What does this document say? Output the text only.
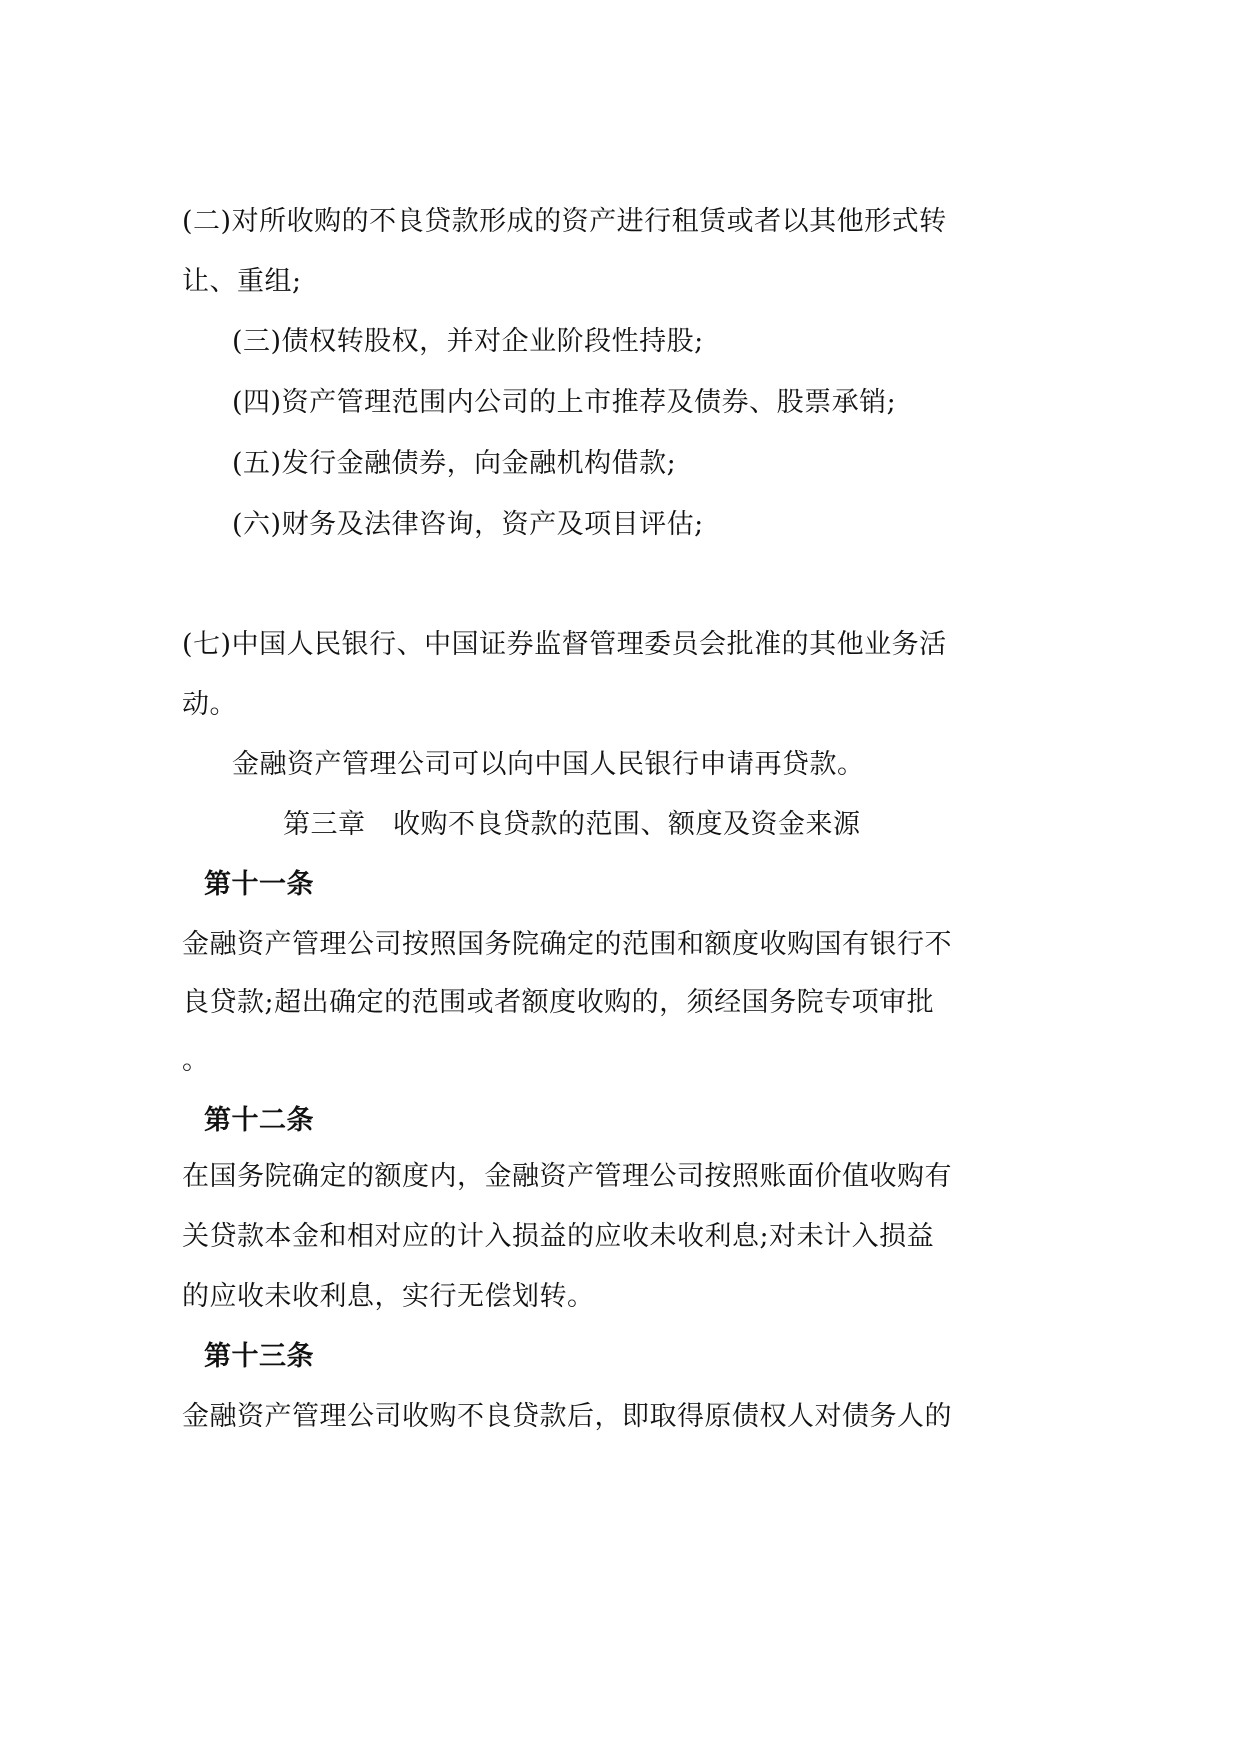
(二)对所收购的不良贷款形成的资产进行租赁或者以其他形式转
让、重组;
(三)债权转股权，并对企业阶段性持股;
(四)资产管理范围内公司的上市推荐及债券、股票承销;
(五)发行金融债券，向金融机构借款;
(六)财务及法律咨询，资产及项目评估;
(七)中国人民银行、中国证券监督管理委员会批准的其他业务活
动。
金融资产管理公司可以向中国人民银行申请再贷款。
第三章　收购不良贷款的范围、额度及资金来源
第十一条
金融资产管理公司按照国务院确定的范围和额度收购国有银行不
良贷款;超出确定的范围或者额度收购的，须经国务院专项审批
。
第十二条
在国务院确定的额度内，金融资产管理公司按照账面价值收购有
关贷款本金和相对应的计入损益的应收未收利息;对未计入损益
的应收未收利息，实行无偿划转。
第十三条
金融资产管理公司收购不良贷款后，即取得原债权人对债务人的
